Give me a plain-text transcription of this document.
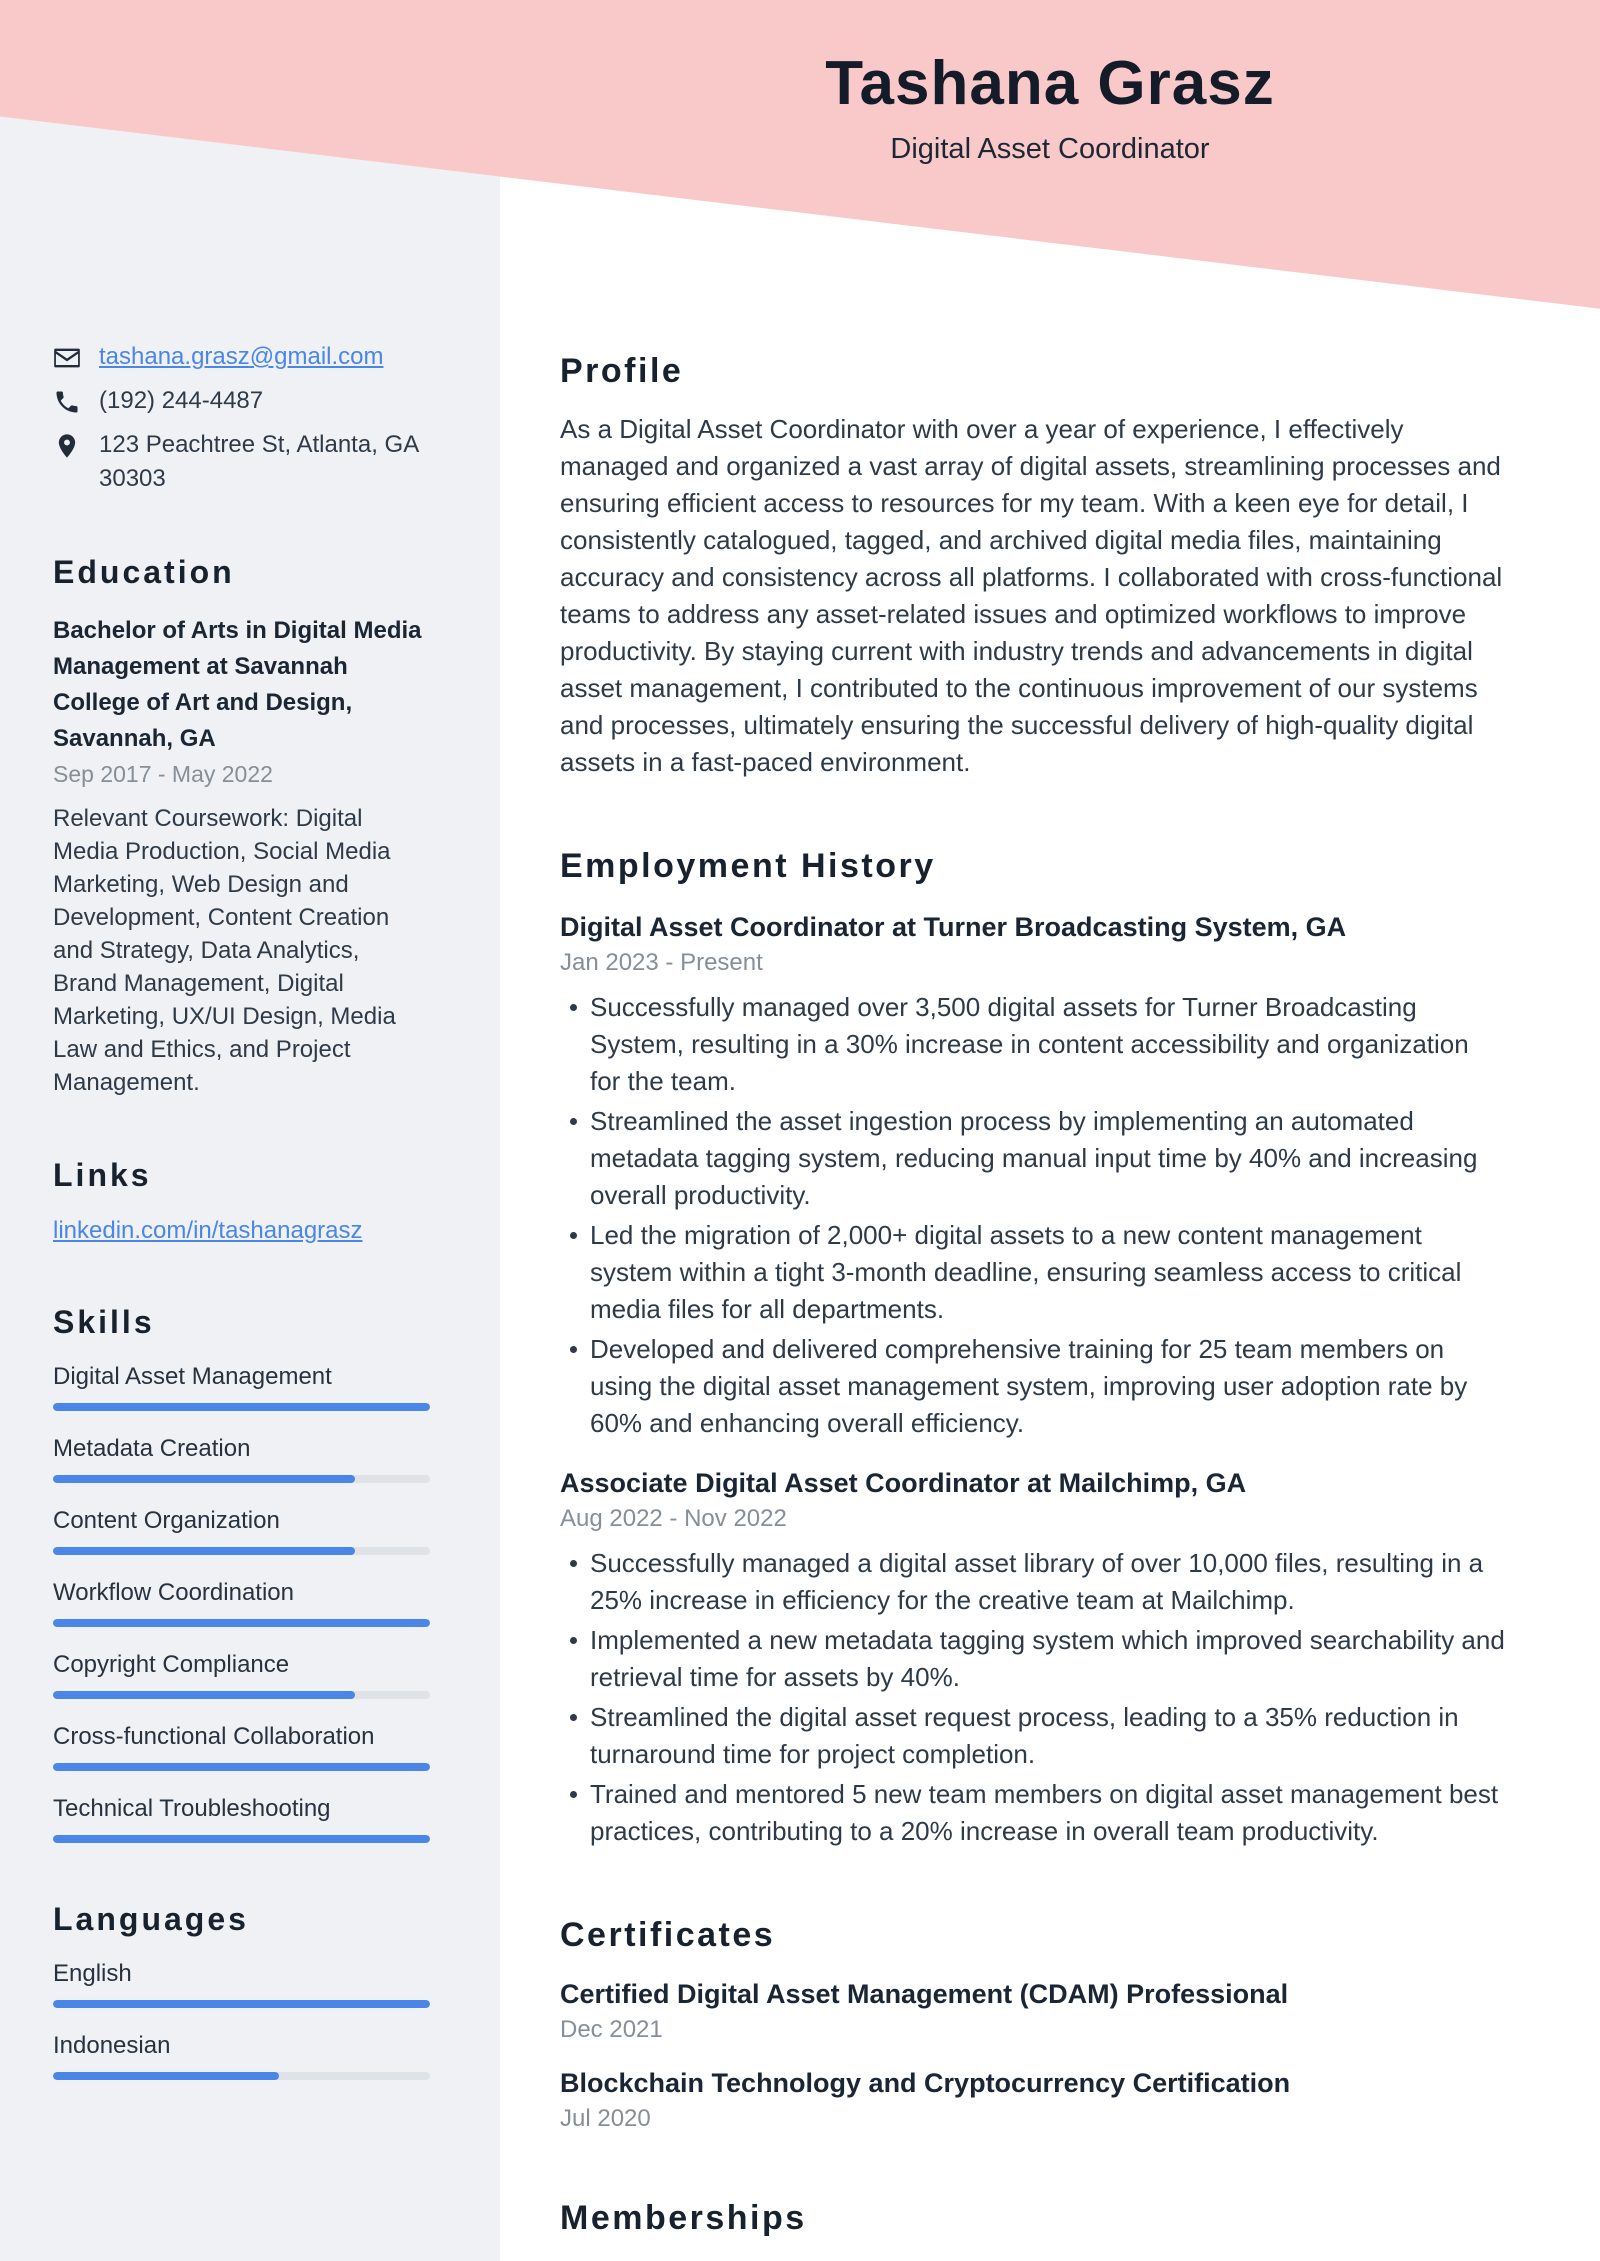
Tashana Grasz
Digital Asset Coordinator
tashana.grasz@gmail.com
(192) 244-4487
123 Peachtree St, Atlanta, GA 30303
Education
Bachelor of Arts in Digital Media Management at Savannah College of Art and Design, Savannah, GA
Sep 2017 - May 2022
Relevant Coursework: Digital Media Production, Social Media Marketing, Web Design and Development, Content Creation and Strategy, Data Analytics, Brand Management, Digital Marketing, UX/UI Design, Media Law and Ethics, and Project Management.
Links
linkedin.com/in/tashanagrasz
Skills
Digital Asset Management
Metadata Creation
Content Organization
Workflow Coordination
Copyright Compliance
Cross-functional Collaboration
Technical Troubleshooting
Languages
English
Indonesian
Profile
As a Digital Asset Coordinator with over a year of experience, I effectively managed and organized a vast array of digital assets, streamlining processes and ensuring efficient access to resources for my team. With a keen eye for detail, I consistently catalogued, tagged, and archived digital media files, maintaining accuracy and consistency across all platforms. I collaborated with cross-functional teams to address any asset-related issues and optimized workflows to improve productivity. By staying current with industry trends and advancements in digital asset management, I contributed to the continuous improvement of our systems and processes, ultimately ensuring the successful delivery of high-quality digital assets in a fast-paced environment.
Employment History
Digital Asset Coordinator at Turner Broadcasting System, GA
Jan 2023 - Present
Successfully managed over 3,500 digital assets for Turner Broadcasting System, resulting in a 30% increase in content accessibility and organization for the team.
Streamlined the asset ingestion process by implementing an automated metadata tagging system, reducing manual input time by 40% and increasing overall productivity.
Led the migration of 2,000+ digital assets to a new content management system within a tight 3-month deadline, ensuring seamless access to critical media files for all departments.
Developed and delivered comprehensive training for 25 team members on using the digital asset management system, improving user adoption rate by 60% and enhancing overall efficiency.
Associate Digital Asset Coordinator at Mailchimp, GA
Aug 2022 - Nov 2022
Successfully managed a digital asset library of over 10,000 files, resulting in a 25% increase in efficiency for the creative team at Mailchimp.
Implemented a new metadata tagging system which improved searchability and retrieval time for assets by 40%.
Streamlined the digital asset request process, leading to a 35% reduction in turnaround time for project completion.
Trained and mentored 5 new team members on digital asset management best practices, contributing to a 20% increase in overall team productivity.
Certificates
Certified Digital Asset Management (CDAM) Professional
Dec 2021
Blockchain Technology and Cryptocurrency Certification
Jul 2020
Memberships
